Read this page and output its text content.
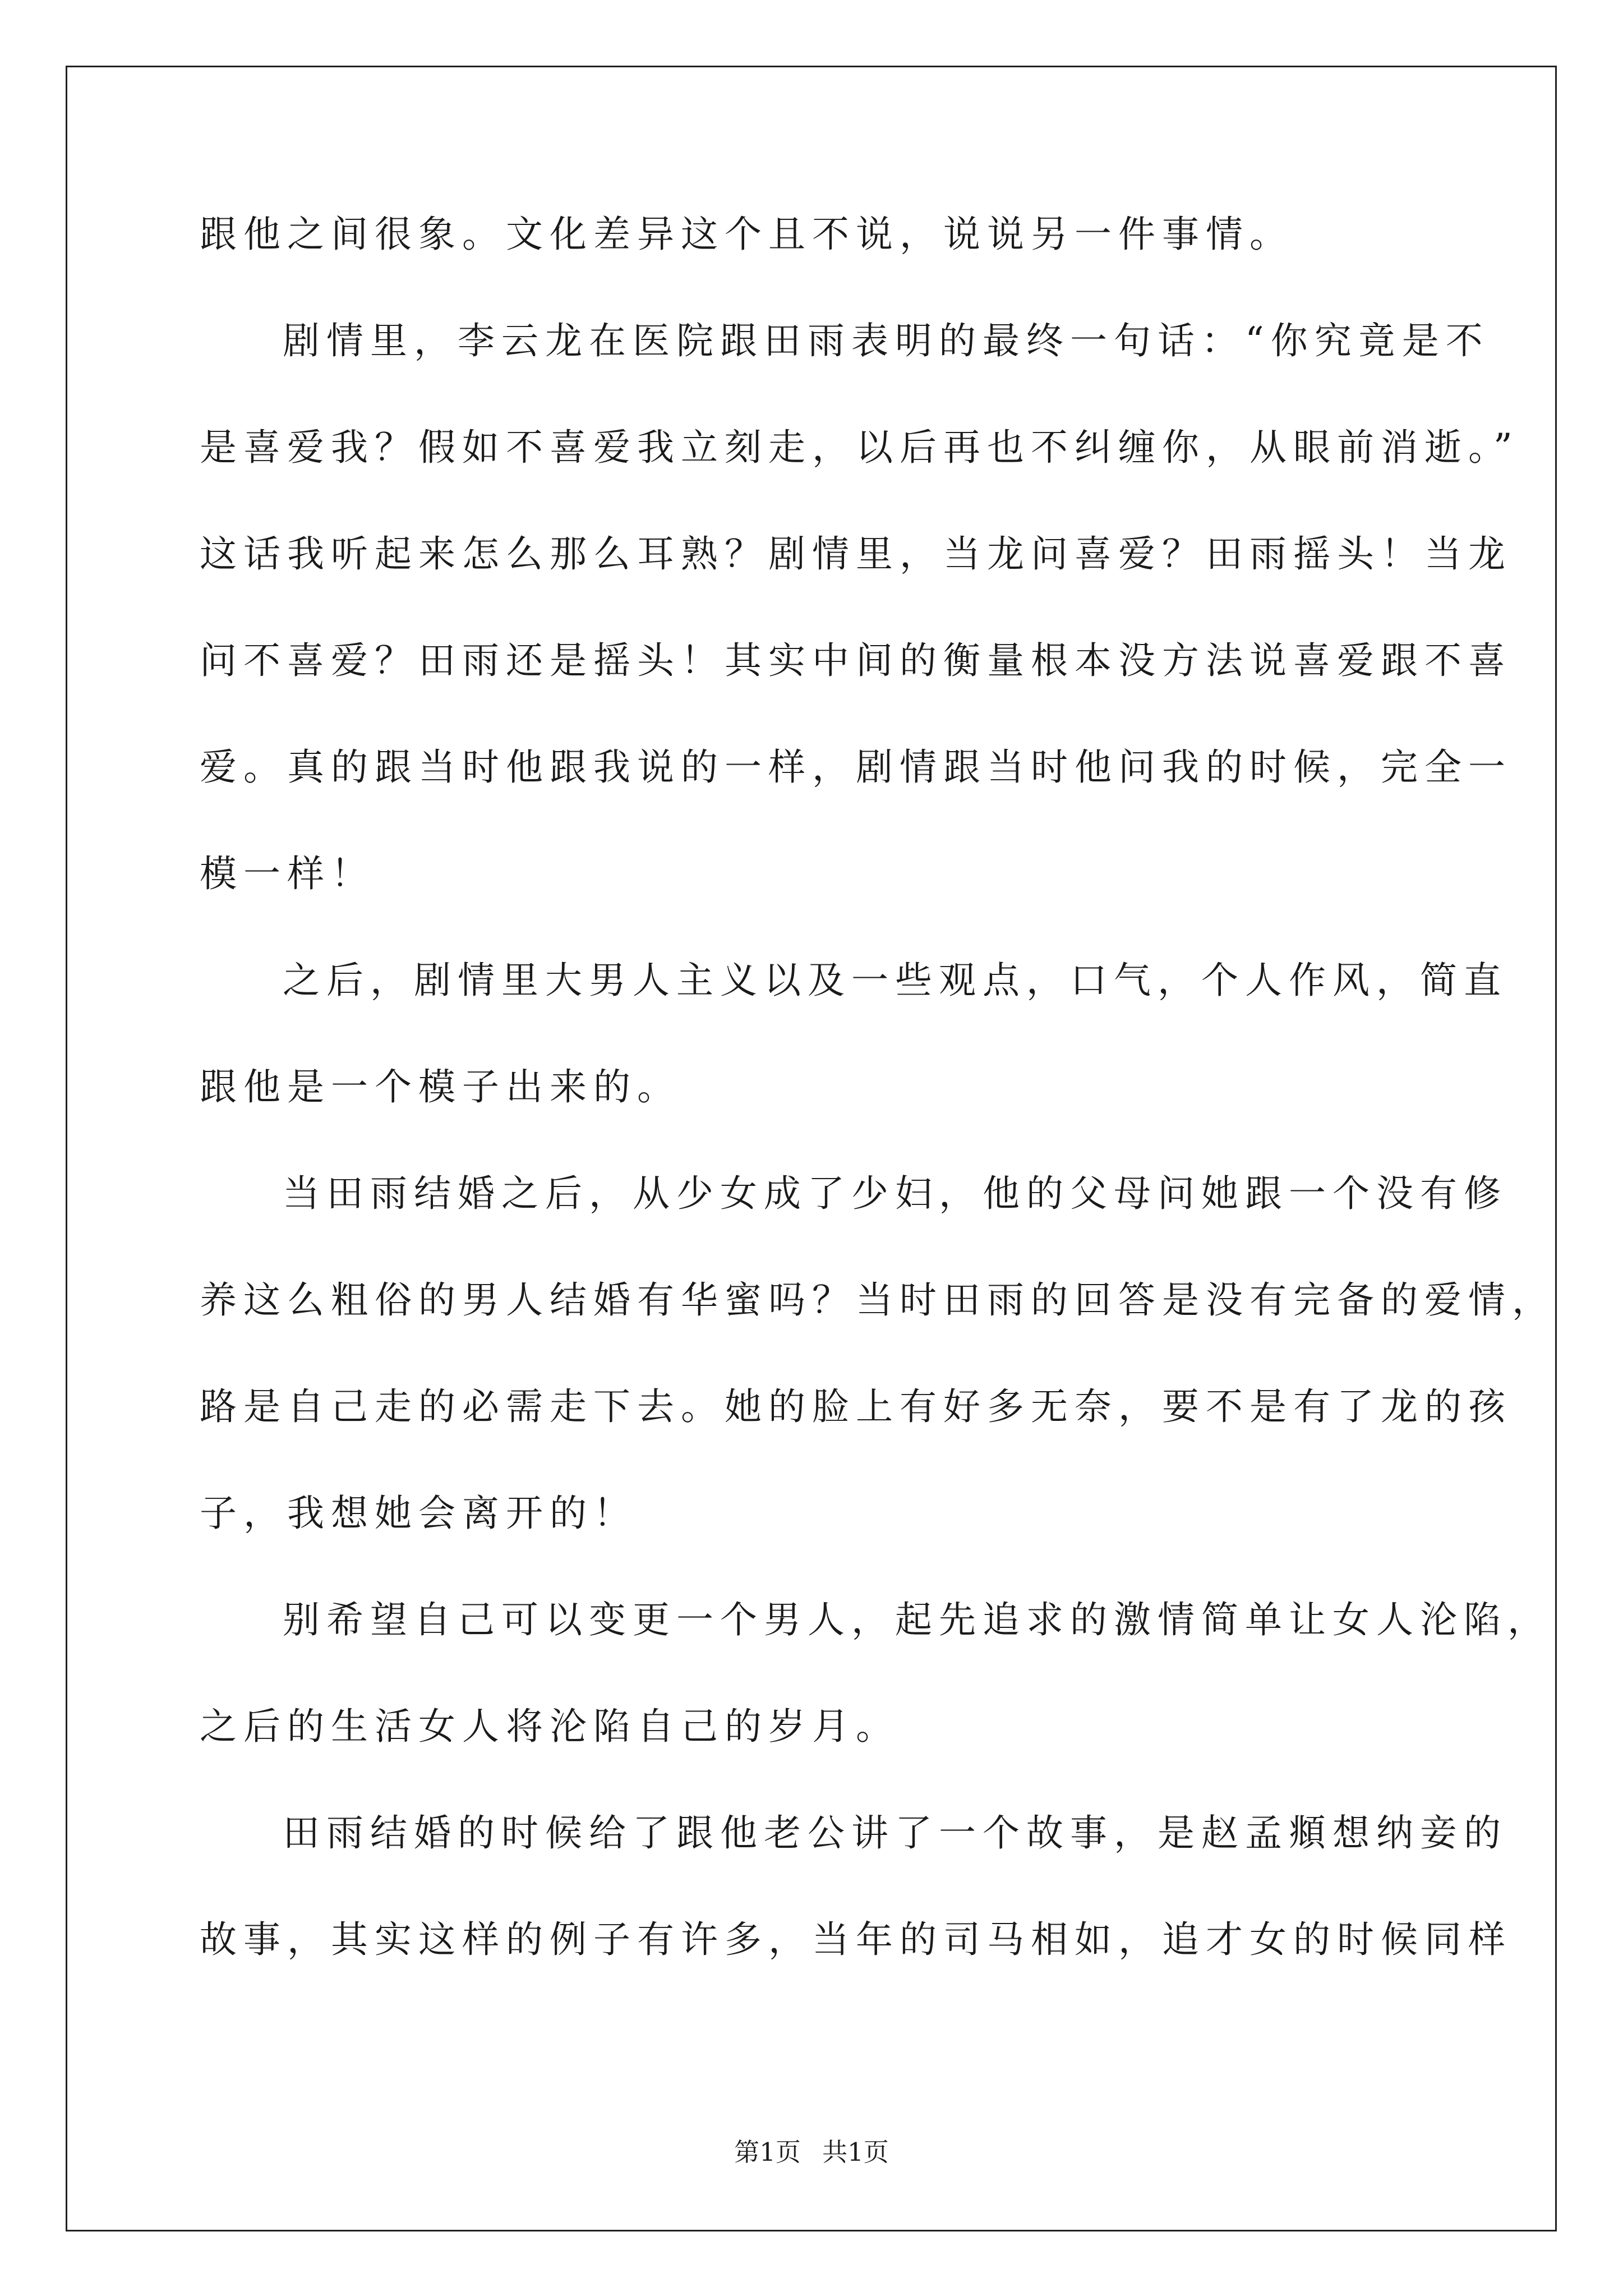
跟他之间很象。文化差异这个且不说，说说另一件事情。
剧情里，李云龙在医院跟田雨表明的最终一句话：“你究竟是不
是喜爱我？假如不喜爱我立刻走，以后再也不纠缠你，从眼前消逝。”
这话我听起来怎么那么耳熟？剧情里，当龙问喜爱？田雨摇头！当龙
问不喜爱？田雨还是摇头！其实中间的衡量根本没方法说喜爱跟不喜
爱。真的跟当时他跟我说的一样，剧情跟当时他问我的时候，完全一
模一样！
之后，剧情里大男人主义以及一些观点，口气，个人作风，简直
跟他是一个模子出来的。
当田雨结婚之后，从少女成了少妇，他的父母问她跟一个没有修
养这么粗俗的男人结婚有华蜜吗？当时田雨的回答是没有完备的爱情，
路是自己走的必需走下去。她的脸上有好多无奈，要不是有了龙的孩
子，我想她会离开的！
别希望自己可以变更一个男人，起先追求的激情简单让女人沦陷，
之后的生活女人将沦陷自己的岁月。
田雨结婚的时候给了跟他老公讲了一个故事，是赵孟頫想纳妾的
故事，其实这样的例子有许多，当年的司马相如，追才女的时候同样
第1页 共1页
